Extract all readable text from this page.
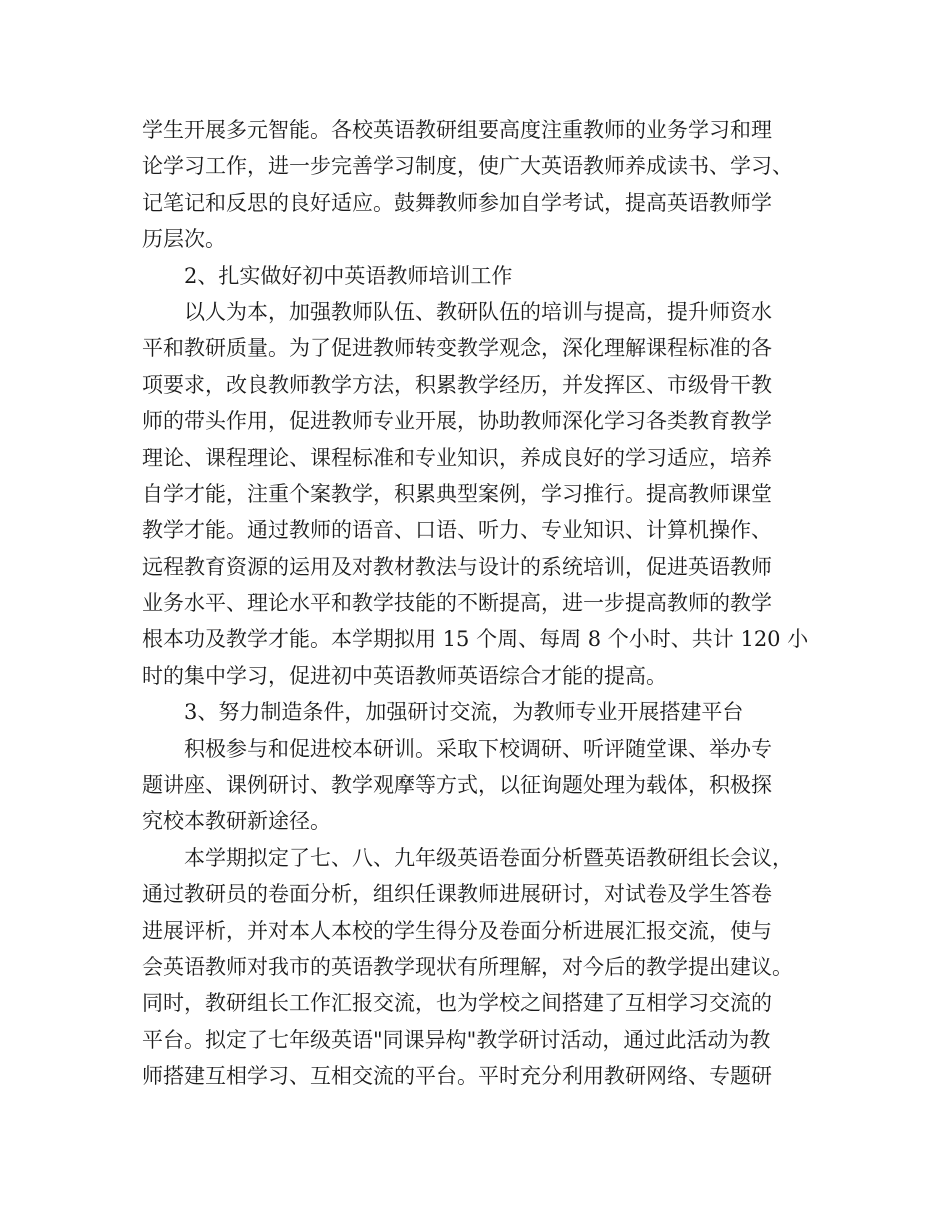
学生开展多元智能。各校英语教研组要高度注重教师的业务学习和理
论学习工作，进一步完善学习制度，使广大英语教师养成读书、学习、
记笔记和反思的良好适应。鼓舞教师参加自学考试，提高英语教师学
历层次。
2、扎实做好初中英语教师培训工作
以人为本，加强教师队伍、教研队伍的培训与提高，提升师资水
平和教研质量。为了促进教师转变教学观念，深化理解课程标准的各
项要求，改良教师教学方法，积累教学经历，并发挥区、市级骨干教
师的带头作用，促进教师专业开展，协助教师深化学习各类教育教学
理论、课程理论、课程标准和专业知识，养成良好的学习适应，培养
自学才能，注重个案教学，积累典型案例，学习推行。提高教师课堂
教学才能。通过教师的语音、口语、听力、专业知识、计算机操作、
远程教育资源的运用及对教材教法与设计的系统培训，促进英语教师
业务水平、理论水平和教学技能的不断提高，进一步提高教师的教学
根本功及教学才能。本学期拟用 15 个周、每周 8 个小时、共计 120 小
时的集中学习，促进初中英语教师英语综合才能的提高。
3、努力制造条件，加强研讨交流，为教师专业开展搭建平台
积极参与和促进校本研训。采取下校调研、听评随堂课、举办专
题讲座、课例研讨、教学观摩等方式，以征询题处理为载体，积极探
究校本教研新途径。
本学期拟定了七、八、九年级英语卷面分析暨英语教研组长会议，
通过教研员的卷面分析，组织任课教师进展研讨，对试卷及学生答卷
进展评析，并对本人本校的学生得分及卷面分析进展汇报交流，使与
会英语教师对我市的英语教学现状有所理解，对今后的教学提出建议。
同时，教研组长工作汇报交流，也为学校之间搭建了互相学习交流的
平台。拟定了七年级英语"同课异构"教学研讨活动，通过此活动为教
师搭建互相学习、互相交流的平台。平时充分利用教研网络、专题研
